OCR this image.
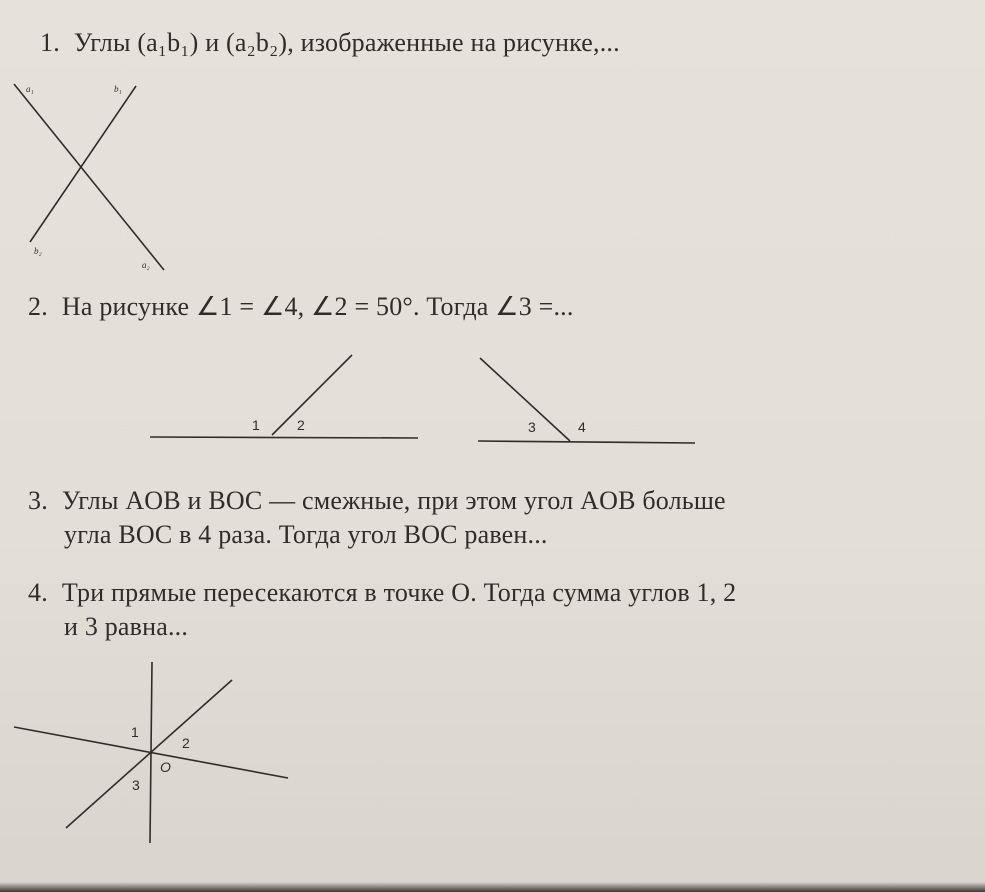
1. Углы (a₁b₁) и (a₂b₂), изображенные на рисунке,...
2. На рисунке ∠1 = ∠4, ∠2 = 50°. Тогда ∠3 =...
3. Углы AOB и BOC — смежные, при этом угол AOB больше
угла BOC в 4 раза. Тогда угол BOC равен...
4. Три прямые пересекаются в точке O. Тогда сумма углов 1, 2
и 3 равна...
a₁	b₁
b₂
a₂
1	2	3	4
1
2
3
O
